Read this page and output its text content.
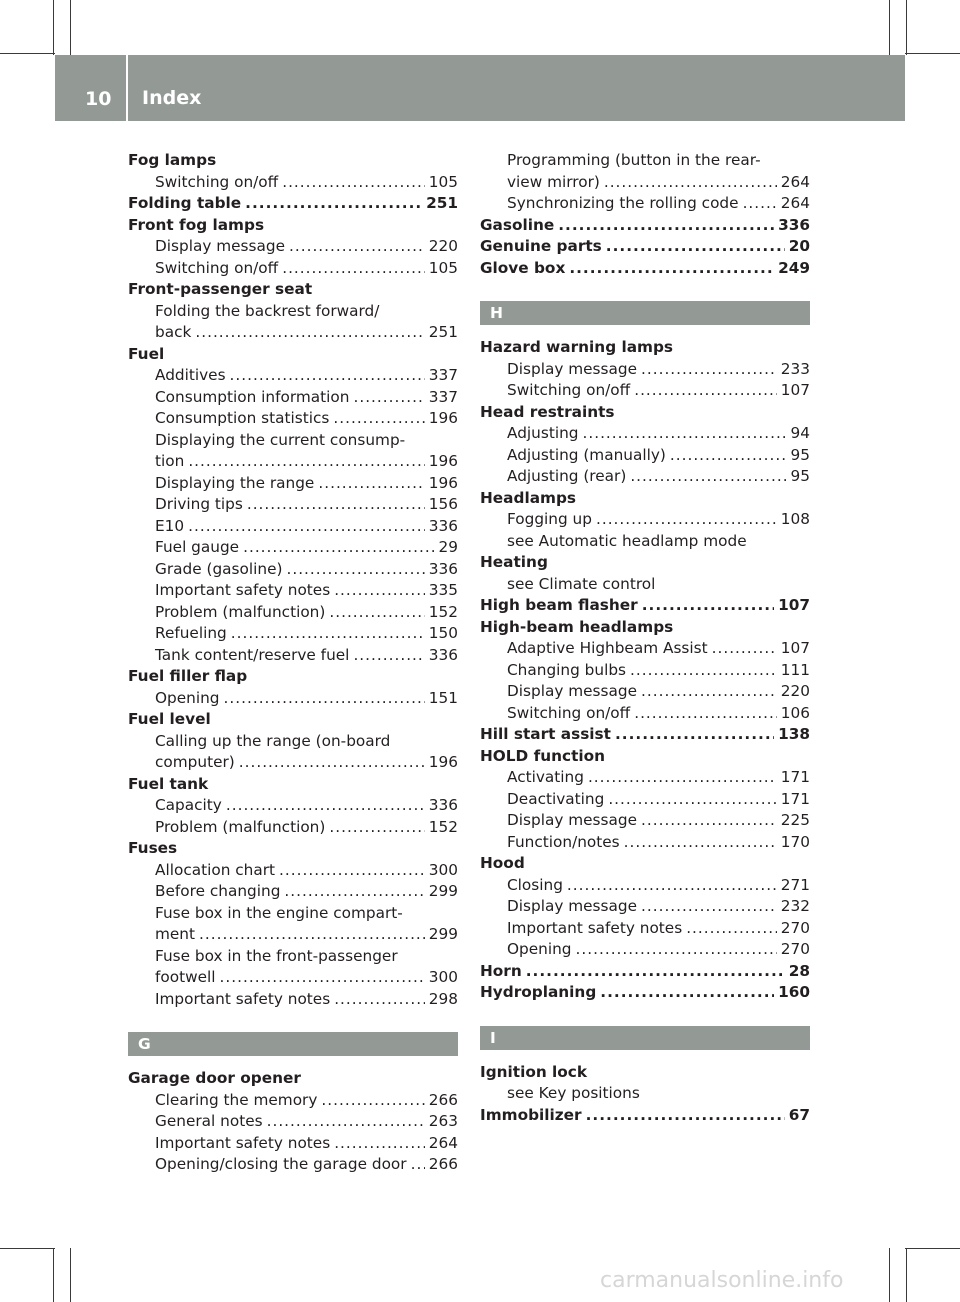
10 Index
Fog lamps
Switching on/off .....	105
Folding table .....	251
Front fog lamps
Display message .....	220
Switching on/off .....	105
Front-passenger seat
Folding the backrest forward/
back .....	251
Fuel
Additives .....	337
Consumption information .....	337
Consumption statistics .....	196
Displaying the current consump-
tion .....	196
Displaying the range .....	196
Driving tips .....	156
E10 .....	336
Fuel gauge .....	29
Grade (gasoline) .....	336
Important safety notes .....	335
Problem (malfunction) .....	152
Refueling .....	150
Tank content/reserve fuel .....	336
Fuel filler flap
Opening .....	151
Fuel level
Calling up the range (on-board
computer) .....	196
Fuel tank
Capacity .....	336
Problem (malfunction) .....	152
Fuses
Allocation chart .....	300
Before changing .....	299
Fuse box in the engine compart-
ment .....	299
Fuse box in the front-passenger
footwell .....	300
Important safety notes .....	298
G
Garage door opener
Clearing the memory .....	266
General notes .....	263
Important safety notes .....	264
Opening/closing the garage door ..... 266
Programming (button in the rear-
view mirror) .....	264
Synchronizing the rolling code .....	264
Gasoline .....	336
Genuine parts .....	20
Glove box .....	249
H
Hazard warning lamps
Display message .....	233
Switching on/off .....	107
Head restraints
Adjusting .....	94
Adjusting (manually) .....	95
Adjusting (rear) .....	95
Headlamps
Fogging up .....	108
see Automatic headlamp mode
Heating
see Climate control
High beam flasher .....	107
High-beam headlamps
Adaptive Highbeam Assist .....	107
Changing bulbs .....	111
Display message .....	220
Switching on/off .....	106
Hill start assist .....	138
HOLD function
Activating .....	171
Deactivating .....	171
Display message .....	225
Function/notes .....	170
Hood
Closing .....	271
Display message .....	232
Important safety notes .....	270
Opening .....	270
Horn .....	28
Hydroplaning .....	160
I
Ignition lock
see Key positions
Immobilizer .....	67
carmanualsonline.info
